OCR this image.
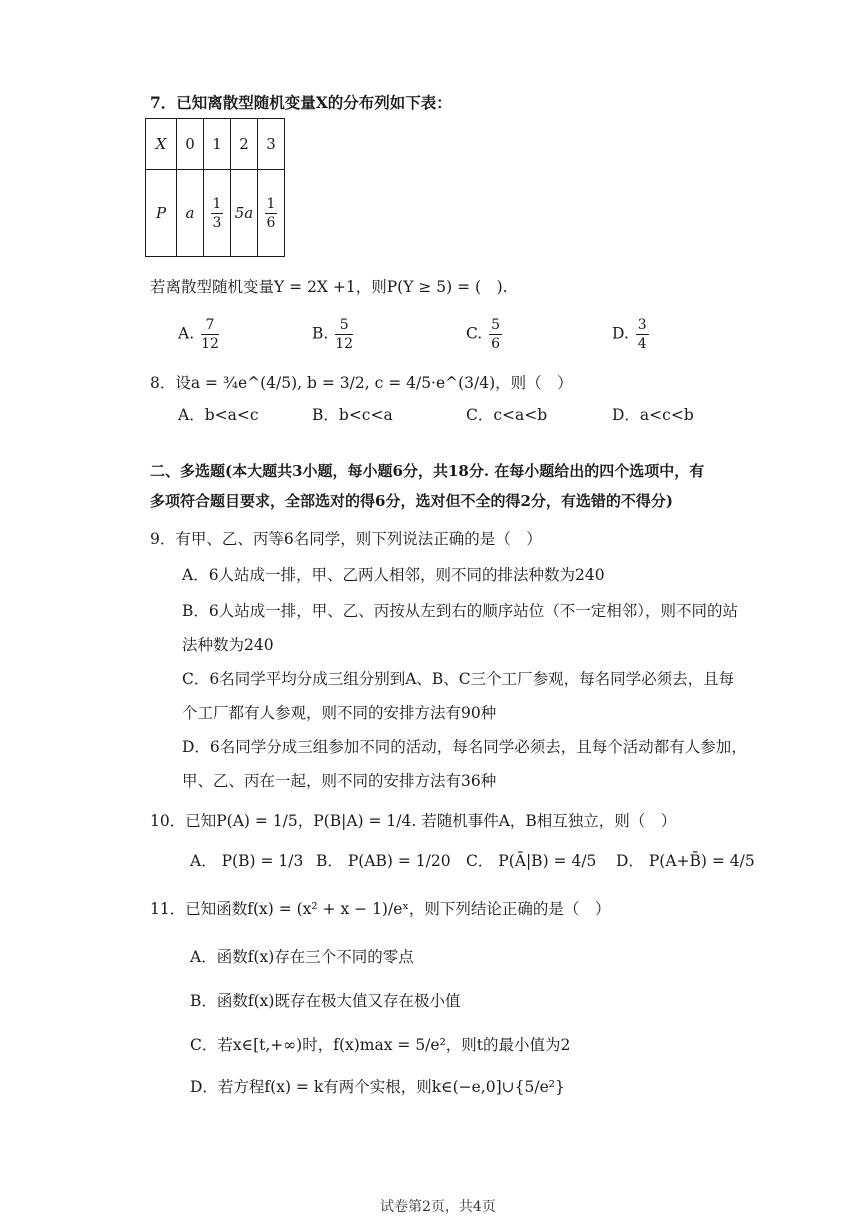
7．已知离散型随机变量X的分布列如下表：
X	0	1	2	3
P	a	$\frac{1}{3}$	5a	$\frac{1}{6}$
若离散型随机变量Y = 2X +1，则P(Y ≥ 5) = (　).
A. $\frac{7}{12}$	B. $\frac{5}{12}$	C. $\frac{5}{6}$	D. $\frac{3}{4}$
8．设a = ¾e^(4/5), b = 3/2, c = 4/5·e^(3/4)，则（　）
A．b<a<c	B．b<c<a	C．c<a<b	D．a<c<b
二、多选题(本大题共3小题，每小题6分，共18分. 在每小题给出的四个选项中，有
多项符合题目要求，全部选对的得6分，选对但不全的得2分，有选错的不得分)
9．有甲、乙、丙等6名同学，则下列说法正确的是（　）
A．6人站成一排，甲、乙两人相邻，则不同的排法种数为240
B．6人站成一排，甲、乙、丙按从左到右的顺序站位（不一定相邻），则不同的站
法种数为240
C．6名同学平均分成三组分别到A、B、C三个工厂参观，每名同学必须去，且每
个工厂都有人参观，则不同的安排方法有90种
D．6名同学分成三组参加不同的活动，每名同学必须去，且每个活动都有人参加，
甲、乙、丙在一起，则不同的安排方法有36种
10．已知P(A) = 1/5，P(B|A) = 1/4. 若随机事件A，B相互独立，则（　）
A． P(B) = 1/3 B． P(AB) = 1/20 C． P(Ā|B) = 4/5 D． P(A+B̄) = 4/5
11．已知函数f(x) = (x² + x − 1)/eˣ，则下列结论正确的是（　）
A．函数f(x)存在三个不同的零点
B．函数f(x)既存在极大值又存在极小值
C．若x∈[t,+∞)时，f(x)max = 5/e²，则t的最小值为2
D．若方程f(x) = k有两个实根，则k∈(−e,0]∪{5/e²}
试卷第2页，共4页
